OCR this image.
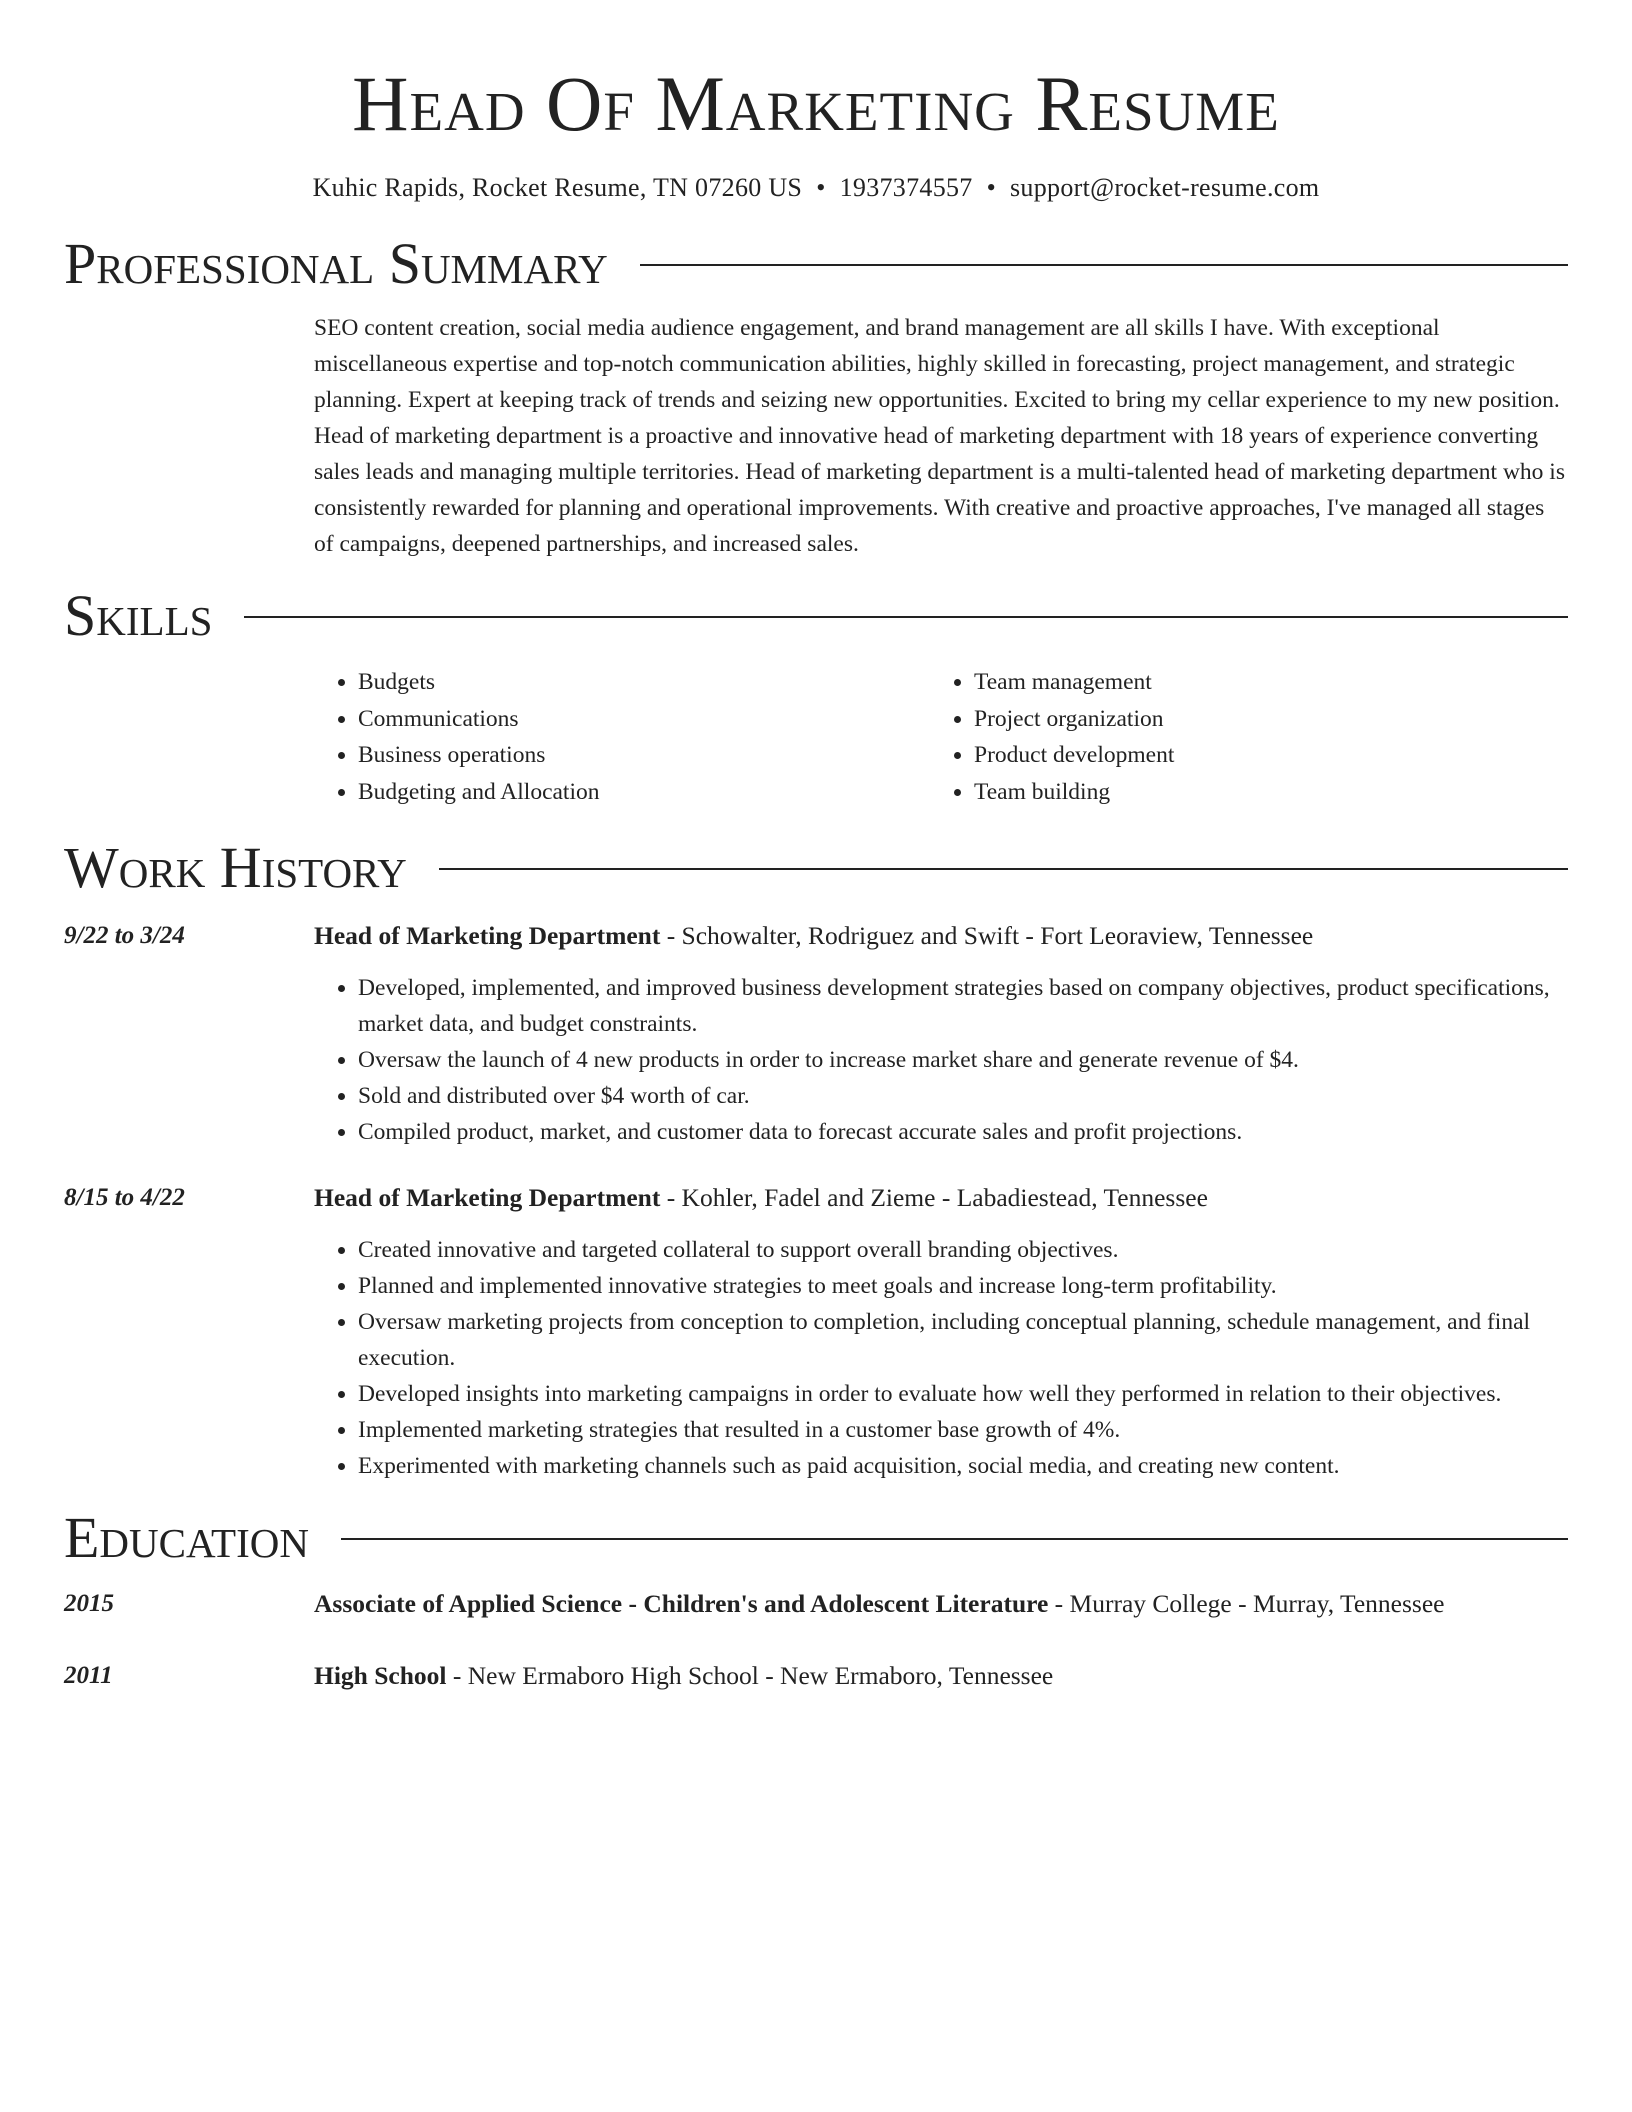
Head Of Marketing Resume
Kuhic Rapids, Rocket Resume, TN 07260 US • 1937374557 • support@rocket-resume.com
Professional Summary

SEO content creation, social media audience engagement, and brand management are all skills I have. With exceptional miscellaneous expertise and top-notch communication abilities, highly skilled in forecasting, project management, and strategic planning. Expert at keeping track of trends and seizing new opportunities. Excited to bring my cellar experience to my new position. Head of marketing department is a proactive and innovative head of marketing department with 18 years of experience converting sales leads and managing multiple territories. Head of marketing department is a multi-talented head of marketing department who is consistently rewarded for planning and operational improvements. With creative and proactive approaches, I've managed all stages of campaigns, deepened partnerships, and increased sales.

Skills
• Budgets
• Communications
• Business operations
• Budgeting and Allocation
• Team management
• Project organization
• Product development
• Team building
Work History
9/22 to 3/24	Head of Marketing Department - Schowalter, Rodriguez and Swift - Fort Leoraview, Tennessee
• Developed, implemented, and improved business development strategies based on company objectives, product specifications, market data, and budget constraints.
• Oversaw the launch of 4 new products in order to increase market share and generate revenue of $4.
• Sold and distributed over $4 worth of car.
• Compiled product, market, and customer data to forecast accurate sales and profit projections.
8/15 to 4/22	Head of Marketing Department - Kohler, Fadel and Zieme - Labadiestead, Tennessee
• Created innovative and targeted collateral to support overall branding objectives.
• Planned and implemented innovative strategies to meet goals and increase long-term profitability.
• Oversaw marketing projects from conception to completion, including conceptual planning, schedule management, and final execution.
• Developed insights into marketing campaigns in order to evaluate how well they performed in relation to their objectives.
• Implemented marketing strategies that resulted in a customer base growth of 4%.
• Experimented with marketing channels such as paid acquisition, social media, and creating new content.
Education
2015	Associate of Applied Science - Children's and Adolescent Literature - Murray College - Murray, Tennessee
2011	High School - New Ermaboro High School - New Ermaboro, Tennessee
